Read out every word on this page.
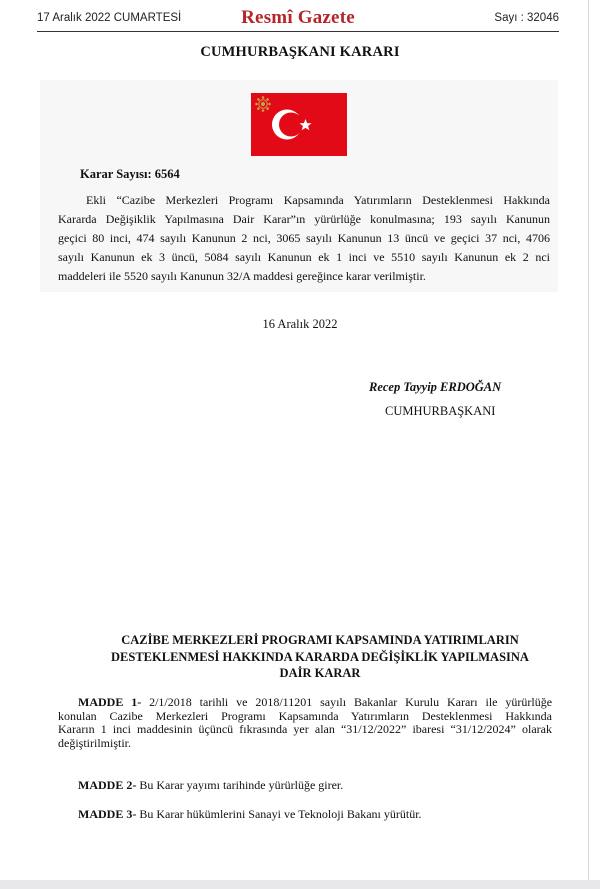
17 Aralık 2022 CUMARTESİ	Resmî Gazete	Sayı : 32046
CUMHURBAŞKANI KARARI
Karar Sayısı: 6564
Ekli “Cazibe Merkezleri Programı Kapsamında Yatırımların Desteklenmesi Hakkında
Kararda Değişiklik Yapılmasına Dair Karar”ın yürürlüğe konulmasına; 193 sayılı Kanunun
geçici 80 inci, 474 sayılı Kanunun 2 nci, 3065 sayılı Kanunun 13 üncü ve geçici 37 nci, 4706
sayılı Kanunun ek 3 üncü, 5084 sayılı Kanunun ek 1 inci ve 5510 sayılı Kanunun ek 2 nci
maddeleri ile 5520 sayılı Kanunun 32/A maddesi gereğince karar verilmiştir.
16 Aralık 2022
Recep Tayyip ERDOĞAN
CUMHURBAŞKANI
CAZİBE MERKEZLERİ PROGRAMI KAPSAMINDA YATIRIMLARIN
DESTEKLENMESİ HAKKINDA KARARDA DEĞİŞİKLİK YAPILMASINA
DAİR KARAR
MADDE 1- 2/1/2018 tarihli ve 2018/11201 sayılı Bakanlar Kurulu Kararı ile yürürlüğe
konulan Cazibe Merkezleri Programı Kapsamında Yatırımların Desteklenmesi Hakkında
Kararın 1 inci maddesinin üçüncü fıkrasında yer alan “31/12/2022” ibaresi “31/12/2024” olarak
değiştirilmiştir.
MADDE 2- Bu Karar yayımı tarihinde yürürlüğe girer.
MADDE 3- Bu Karar hükümlerini Sanayi ve Teknoloji Bakanı yürütür.
